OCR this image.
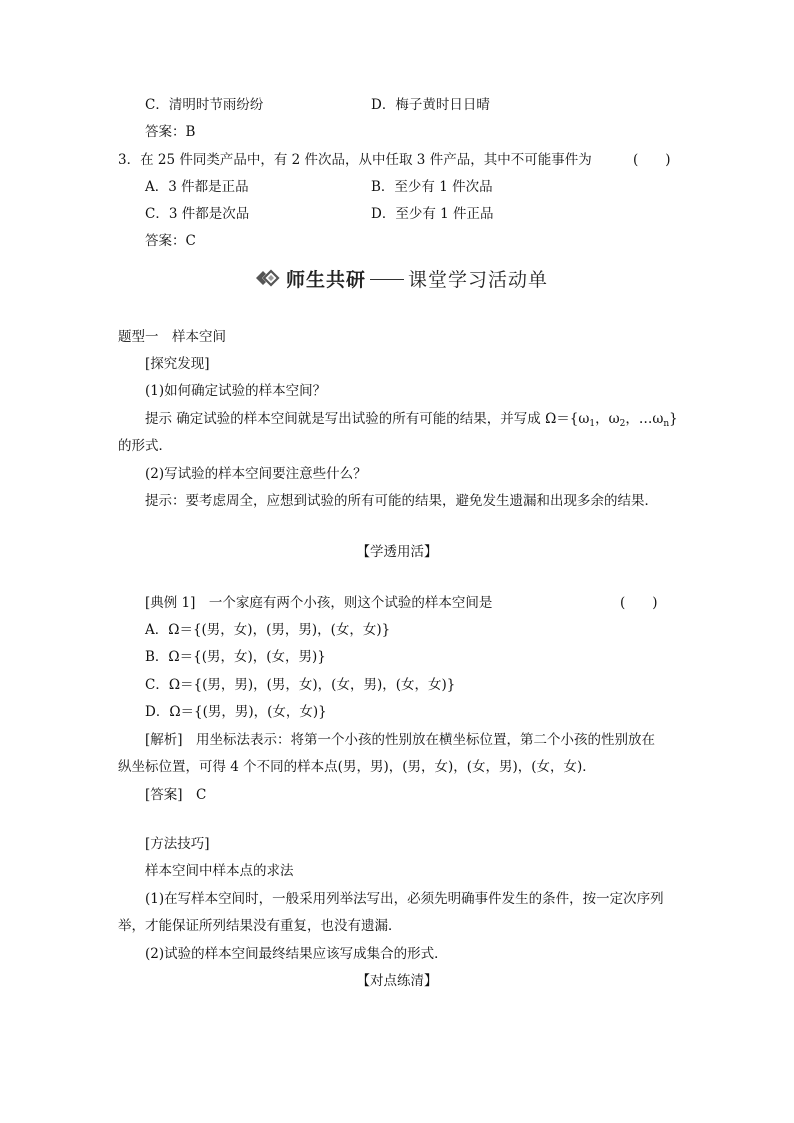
C．清明时节雨纷纷	D．梅子黄时日日晴
答案：B
3．在 25 件同类产品中，有 2 件次品，从中任取 3 件产品，其中不可能事件为	(　　)
A．3 件都是正品	B．至少有 1 件次品
C．3 件都是次品	D．至少有 1 件正品
答案：C
师生共研 课堂学习活动单
题型一　样本空间
[探究发现]
(1)如何确定试验的样本空间？
提示 确定试验的样本空间就是写出试验的所有可能的结果，并写成 $\Omega=\{\omega_1$，$\omega_2$，$\dots\omega_n$}
的形式．
(2)写试验的样本空间要注意些什么？
提示：要考虑周全，应想到试验的所有可能的结果，避免发生遗漏和出现多余的结果．
【学透用活】
[典例 1]　一个家庭有两个小孩，则这个试验的样本空间是	(　　)
A．Ω＝{(男，女)，(男，男)，(女，女)}
B．Ω＝{(男，女)，(女，男)}
C．Ω＝{(男，男)，(男，女)，(女，男)，(女，女)}
D．Ω＝{(男，男)，(女，女)}
[解析]　用坐标法表示：将第一个小孩的性别放在横坐标位置，第二个小孩的性别放在
纵坐标位置，可得 4 个不同的样本点(男，男)，(男，女)，(女，男)，(女，女)．
[答案]　C
[方法技巧]
样本空间中样本点的求法
(1)在写样本空间时，一般采用列举法写出，必须先明确事件发生的条件，按一定次序列
举，才能保证所列结果没有重复，也没有遗漏．
(2)试验的样本空间最终结果应该写成集合的形式．
【对点练清】
